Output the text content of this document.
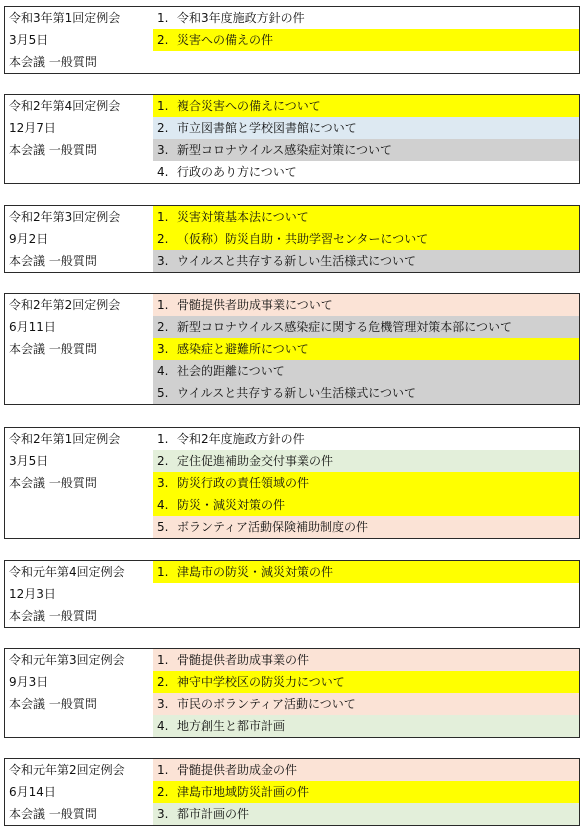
令和3年第1回定例会
3月5日
本会議 一般質問
1. 令和3年度施政方針の件
2. 災害への備えの件
令和2年第4回定例会
12月7日
本会議 一般質問
1. 複合災害への備えについて
2. 市立図書館と学校図書館について
3. 新型コロナウイルス感染症対策について
4. 行政のあり方について
令和2年第3回定例会
9月2日
本会議 一般質問
1. 災害対策基本法について
2. （仮称）防災自助・共助学習センターについて
3. ウイルスと共存する新しい生活様式について
令和2年第2回定例会
6月11日
本会議 一般質問
1. 骨髄提供者助成事業について
2. 新型コロナウイルス感染症に関する危機管理対策本部について
3. 感染症と避難所について
4. 社会的距離について
5. ウイルスと共存する新しい生活様式について
令和2年第1回定例会
3月5日
本会議 一般質問
1. 令和2年度施政方針の件
2. 定住促進補助金交付事業の件
3. 防災行政の責任領域の件
4. 防災・減災対策の件
5. ボランティア活動保険補助制度の件
令和元年第4回定例会
12月3日
本会議 一般質問
1. 津島市の防災・減災対策の件
令和元年第3回定例会
9月3日
本会議 一般質問
1. 骨髄提供者助成事業の件
2. 神守中学校区の防災力について
3. 市民のボランティア活動について
4. 地方創生と都市計画
令和元年第2回定例会
6月14日
本会議 一般質問
1. 骨髄提供者助成金の件
2. 津島市地域防災計画の件
3. 都市計画の件
